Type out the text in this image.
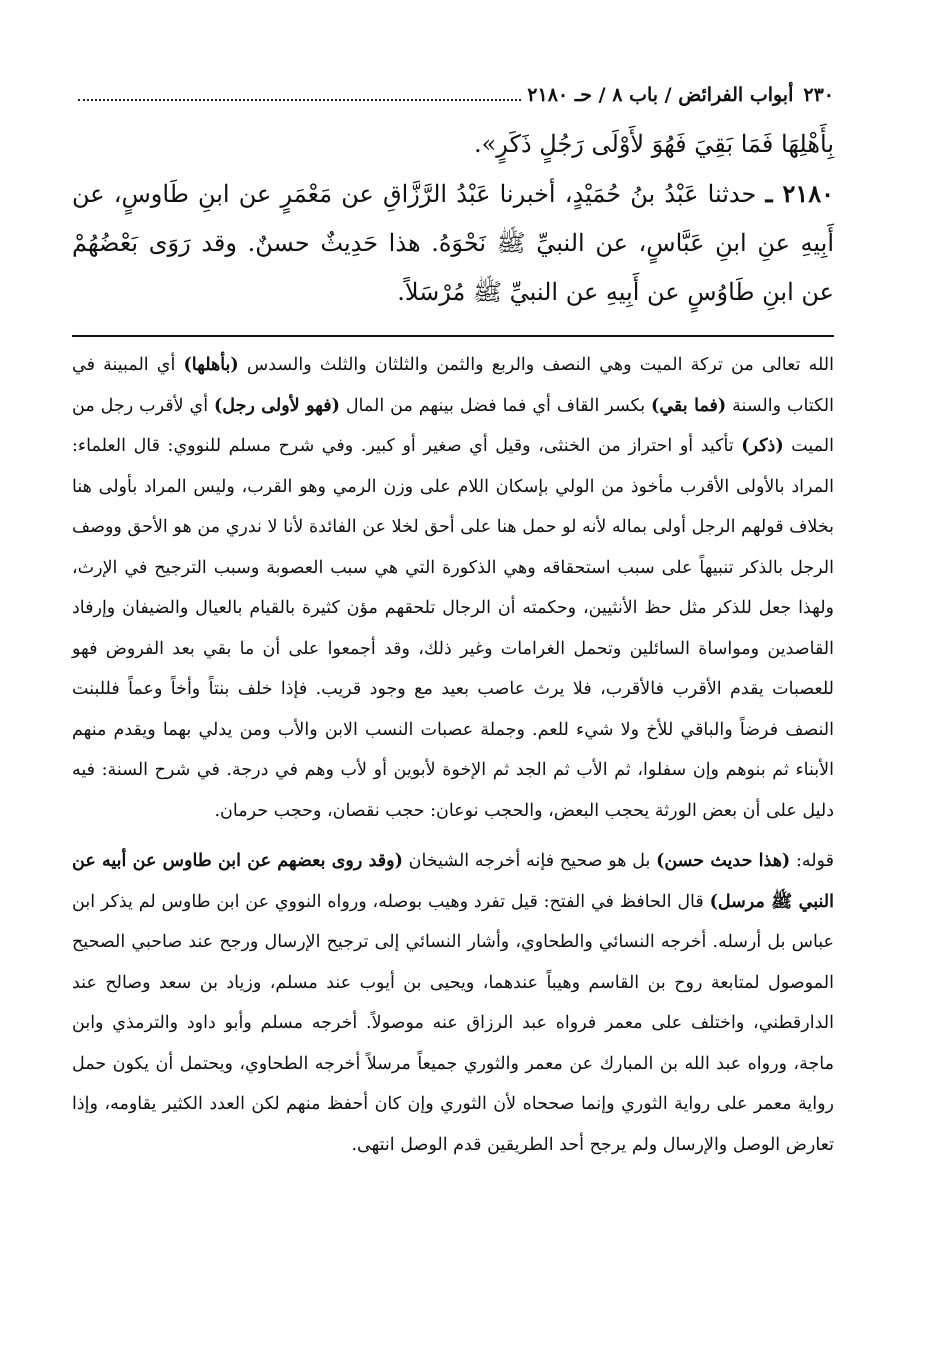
٢٣٠
أبواب الفرائض / باب ٨ / حـ ٢١٨٠

بِأَهْلِهَا فَمَا بَقِيَ فَهُوَ لأَوْلَى رَجُلٍ ذَكَرٍ».

٢١٨٠ ـ حدثنا عَبْدُ بنُ حُمَيْدٍ، أخبرنا عَبْدُ الرَّزَّاقِ عن مَعْمَرٍ عن ابنِ طَاوسٍ، عن أَبِيهِ عنِ ابنِ عَبَّاسٍ، عن النبيِّ ﷺ نَحْوَهُ. هذا حَدِيثٌ حسنٌ. وقد رَوَى بَعْضُهُمْ عن ابنِ طَاوُسٍ عن أَبِيهِ عن النبيِّ ﷺ مُرْسَلاً.

الله تعالى من تركة الميت وهي النصف والربع والثمن والثلثان والثلث والسدس (بأهلها) أي المبينة في الكتاب والسنة (فما بقي) بكسر القاف أي فما فضل بينهم من المال (فهو لأولى رجل) أي لأقرب رجل من الميت (ذكر) تأكيد أو احتراز من الخنثى، وقيل أي صغير أو كبير. وفي شرح مسلم للنووي: قال العلماء: المراد بالأولى الأقرب مأخوذ من الولي بإسكان اللام على وزن الرمي وهو القرب، وليس المراد بأولى هنا بخلاف قولهم الرجل أولى بماله لأنه لو حمل هنا على أحق لخلا عن الفائدة لأنا لا ندري من هو الأحق ووصف الرجل بالذكر تنبيهاً على سبب استحقاقه وهي الذكورة التي هي سبب العصوبة وسبب الترجيح في الإرث، ولهذا جعل للذكر مثل حظ الأنثيين، وحكمته أن الرجال تلحقهم مؤن كثيرة بالقيام بالعيال والضيفان وإرفاد القاصدين ومواساة السائلين وتحمل الغرامات وغير ذلك، وقد أجمعوا على أن ما بقي بعد الفروض فهو للعصبات يقدم الأقرب فالأقرب، فلا يرث عاصب بعيد مع وجود قريب. فإذا خلف بنتاً وأخاً وعماً فللبنت النصف فرضاً والباقي للأخ ولا شيء للعم. وجملة عصبات النسب الابن والأب ومن يدلي بهما ويقدم منهم الأبناء ثم بنوهم وإن سفلوا، ثم الأب ثم الجد ثم الإخوة لأبوين أو لأب وهم في درجة. في شرح السنة: فيه دليل على أن بعض الورثة يحجب البعض، والحجب نوعان: حجب نقصان، وحجب حرمان.

قوله: (هذا حديث حسن) بل هو صحيح فإنه أخرجه الشيخان (وقد روى بعضهم عن ابن طاوس عن أبيه عن النبي ﷺ مرسل) قال الحافظ في الفتح: قيل تفرد وهيب بوصله، ورواه النووي عن ابن طاوس لم يذكر ابن عباس بل أرسله. أخرجه النسائي والطحاوي، وأشار النسائي إلى ترجيح الإرسال ورجح عند صاحبي الصحيح الموصول لمتابعة روح بن القاسم وهيباً عندهما، ويحيى بن أيوب عند مسلم، وزياد بن سعد وصالح عند الدارقطني، واختلف على معمر فرواه عبد الرزاق عنه موصولاً. أخرجه مسلم وأبو داود والترمذي وابن ماجة، ورواه عبد الله بن المبارك عن معمر والثوري جميعاً مرسلاً أخرجه الطحاوي، ويحتمل أن يكون حمل رواية معمر على رواية الثوري وإنما صححاه لأن الثوري وإن كان أحفظ منهم لكن العدد الكثير يقاومه، وإذا تعارض الوصل والإرسال ولم يرجح أحد الطريقين قدم الوصل انتهى.
